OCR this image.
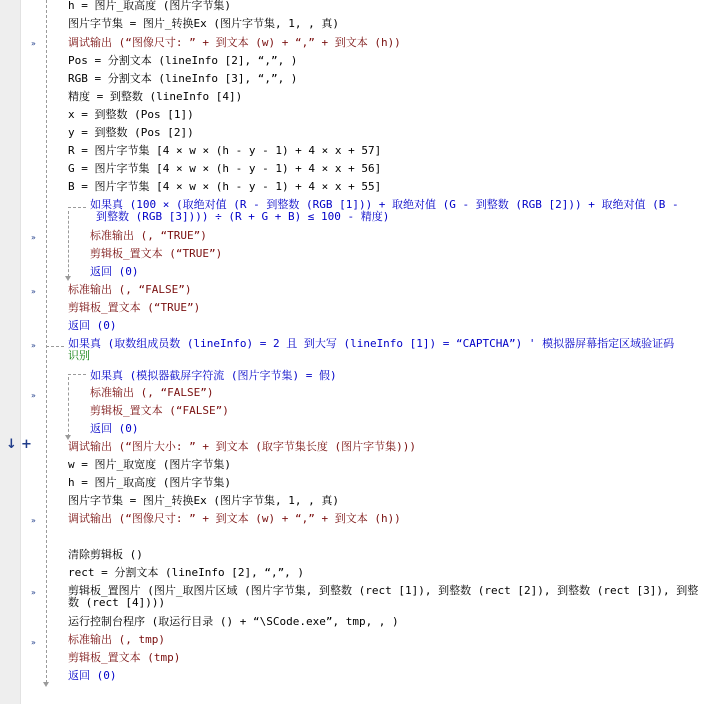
»
»
»
»
»
»
»
»
↓ +
h = 图片_取高度 (图片字节集)
图片字节集 = 图片_转换Ex (图片字节集, 1, , 真)
调试输出 (“图像尺寸: ” + 到文本 (w) + “,” + 到文本 (h))
Pos = 分割文本 (lineInfo [2], “,”, )
RGB = 分割文本 (lineInfo [3], “,”, )
精度 = 到整数 (lineInfo [4])
x = 到整数 (Pos [1])
y = 到整数 (Pos [2])
R = 图片字节集 [4 × w × (h - y - 1) + 4 × x + 57]
G = 图片字节集 [4 × w × (h - y - 1) + 4 × x + 56]
B = 图片字节集 [4 × w × (h - y - 1) + 4 × x + 55]
如果真 (100 × (取绝对值 (R - 到整数 (RGB [1])) + 取绝对值 (G - 到整数 (RGB [2])) + 取绝对值 (B -
到整数 (RGB [3]))) ÷ (R + G + B) ≤ 100 - 精度)
标准输出 (, “TRUE”)
剪辑板_置文本 (“TRUE”)
返回 (0)
标准输出 (, “FALSE”)
剪辑板_置文本 (“TRUE”)
返回 (0)
如果真 (取数组成员数 (lineInfo) = 2 且 到大写 (lineInfo [1]) = “CAPTCHA”) ' 模拟器屏幕指定区域验证码
识别
如果真 (模拟器截屏字符流 (图片字节集) = 假)
标准输出 (, “FALSE”)
剪辑板_置文本 (“FALSE”)
返回 (0)
调试输出 (“图片大小: ” + 到文本 (取字节集长度 (图片字节集)))
w = 图片_取宽度 (图片字节集)
h = 图片_取高度 (图片字节集)
图片字节集 = 图片_转换Ex (图片字节集, 1, , 真)
调试输出 (“图像尺寸: ” + 到文本 (w) + “,” + 到文本 (h))
清除剪辑板 ()
rect = 分割文本 (lineInfo [2], “,”, )
剪辑板_置图片 (图片_取图片区域 (图片字节集, 到整数 (rect [1]), 到整数 (rect [2]), 到整数 (rect [3]), 到整
数 (rect [4])))
运行控制台程序 (取运行目录 () + “\SCode.exe”, tmp, , )
标准输出 (, tmp)
剪辑板_置文本 (tmp)
返回 (0)
